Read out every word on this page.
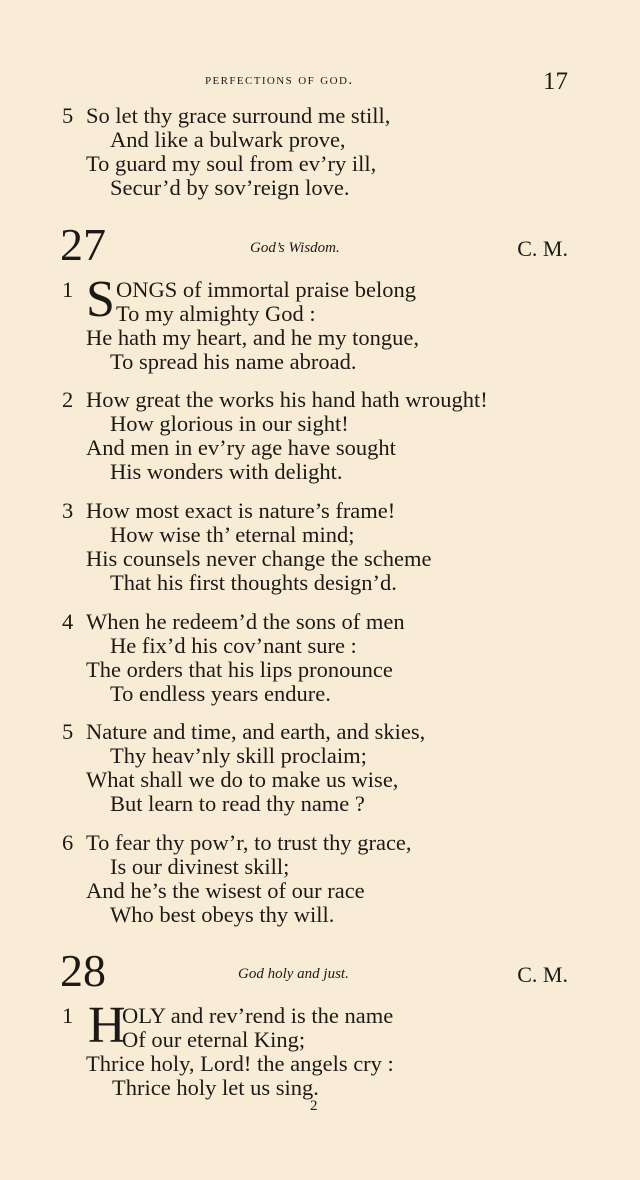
perfections of god.	17
5 So let thy grace surround me still,
And like a bulwark prove,
To guard my soul from ev’ry ill,
Secur’d by sov’reign love.
27	God’s Wisdom.	C. M.
1 S ONGS of immortal praise belong
To my almighty God :
He hath my heart, and he my tongue,
To spread his name abroad.
2 How great the works his hand hath wrought!
How glorious in our sight!
And men in ev’ry age have sought
His wonders with delight.
3 How most exact is nature’s frame!
How wise th’ eternal mind;
His counsels never change the scheme
That his first thoughts design’d.
4 When he redeem’d the sons of men
He fix’d his cov’nant sure :
The orders that his lips pronounce
To endless years endure.
5 Nature and time, and earth, and skies,
Thy heav’nly skill proclaim;
What shall we do to make us wise,
But learn to read thy name ?
6 To fear thy pow’r, to trust thy grace,
Is our divinest skill;
And he’s the wisest of our race
Who best obeys thy will.
28	God holy and just.	C. M.
1 H
OLY and rev’rend is the name
Of our eternal King;
Thrice holy, Lord! the angels cry :
Thrice holy let us sing.
2
